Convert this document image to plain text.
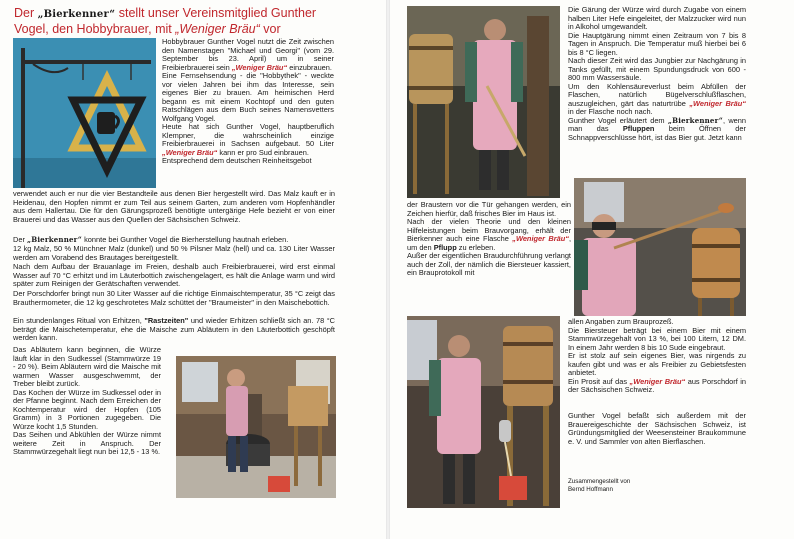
Der „Bierkenner“ stellt unser Vereinsmitglied Gunther Vogel, den Hobbybrauer, mit „Weniger Bräu“ vor

Hobbybrauer Gunther Vogel nutzt die Zeit zwischen den Namenstagen "Michael und Georgi" (vom 29. September bis 23. April) um in seiner Freibierbrauerei sein „Weniger Bräu“ einzubrauen.
Eine Fernsehsendung - die "Hobbythek" - weckte vor vielen Jahren bei ihm das Interesse, sein eigenes Bier zu brauen. Am heimischen Herd begann es mit einem Kochtopf und den guten Ratschlägen aus dem Buch seines Namensvetters Wolfgang Vogel.
Heute hat sich Gunther Vogel, hauptberuflich Klempner, die wahrscheinlich einzige Freibierbrauerei in Sachsen aufgebaut. 50 Liter „Weniger Bräu“ kann er pro Sud einbrauen.
Entsprechend dem deutschen Reinheitsgebot

verwendet auch er nur die vier Bestandteile aus denen Bier hergestellt wird. Das Malz kauft er in Heidenau, den Hopfen nimmt er zum Teil aus seinem Garten, zum anderen vom Hopfenhändler aus dem Hallertau. Die für den Gärungsprozeß benötigte untergärige Hefe bezieht er von einer Brauerei und das Wasser aus den Quellen der Sächsischen Schweiz.

Der „Bierkenner“ konnte bei Gunther Vogel die Bierherstellung hautnah erleben.

12 kg Malz, 50 % Münchner Malz (dunkel) und 50 % Pilsner Malz (hell) und ca. 130 Liter Wasser werden am Vorabend des Brautages bereitgestellt.

Nach dem Aufbau der Brauanlage im Freien, deshalb auch Freibierbrauerei, wird erst einmal Wasser auf 70 °C erhitzt und im Läuterbottich zwischengelagert, es hält die Anlage warm und wird später zum Reinigen der Gerätschaften verwendet.

Der Porschdorfer bringt nun 30 Liter Wasser auf die richtige Einmaischtemperatur, 35 °C zeigt das Brauthermometer, die 12 kg geschrotetes Malz schüttet der "Braumeister" in den Maischebottich.

Ein stundenlanges Ritual von Erhitzen, "Rastzeiten" und wieder Erhitzen schließt sich an. 78 °C beträgt die Maischetemperatur, ehe die Maische zum Abläutern in den Läuterbottich geschöpft werden kann.

Das Abläutern kann beginnen, die Würze läuft klar in den Sudkessel (Stammwürze 19 - 20 %). Beim Abläutern wird die Maische mit warmen Wasser ausgeschwemmt, der Treber bleibt zurück.
Das Kochen der Würze im Sudkessel oder in der Pfanne beginnt. Nach dem Erreichen der Kochtemperatur wird der Hopfen (105 Gramm) in 3 Portionen zugegeben. Die Würze kocht 1,5 Stunden.
Das Seihen und Abkühlen der Würze nimmt weitere Zeit in Anspruch. Der Stammwürzegehalt liegt nun bei 12,5 - 13 %.

Die Gärung der Würze wird durch Zugabe von einem halben Liter Hefe eingeleitet, der Malzzucker wird nun in Alkohol umgewandelt.
Die Hauptgärung nimmt einen Zeitraum von 7 bis 8 Tagen in Anspruch. Die Temperatur muß hierbei bei 6 bis 8 °C liegen.
Nach dieser Zeit wird das Jungbier zur Nachgärung in Tanks gefüllt, mit einem Spundungsdruck von 600 - 800 mm Wassersäule.
Um den Kohlensäureverlust beim Abfüllen der Flaschen, natürlich Bügelverschlußflaschen, auszugleichen, gärt das naturtrübe „Weniger Bräu“ in der Flasche noch nach.
Gunther Vogel erläutert dem „Bierkenner“, wenn man das Pfluppen beim Öffnen der Schnappverschlüsse hört, ist das Bier gut. Jetzt kann

der Braustern vor die Tür gehangen werden, ein Zeichen hierfür, daß frisches Bier im Haus ist.
Nach der vielen Theorie und den kleinen Hilfeleistungen beim Brauvorgang, erhält der Bierkenner auch eine Flasche „Weniger Bräu“, um den Pflupp zu erleben.
Außer der eigentlichen Braudurchführung verlangt auch der Zoll, der nämlich die Biersteuer kassiert, ein Brauprotokoll mit

allen Angaben zum Brauprozeß.
Die Biersteuer beträgt bei einem Bier mit einem Stammwürzegehalt von 13 %, bei 100 Litern, 12 DM. In einem Jahr werden 8 bis 10 Sude eingebraut.
Er ist stolz auf sein eigenes Bier, was nirgends zu kaufen gibt und was er als Freibier zu Gebietsfesten anbietet.
Ein Prosit auf das „Weniger Bräu“ aus Porschdorf in der Sächsischen Schweiz.

Gunther Vogel befaßt sich außerdem mit der Brauereigeschichte der Sächsischen Schweiz, ist Gründungsmitglied der Weesensteiner Braukommune e. V. und Sammler von alten Bierflaschen.

Zusammengestellt von
Bernd Hoffmann
